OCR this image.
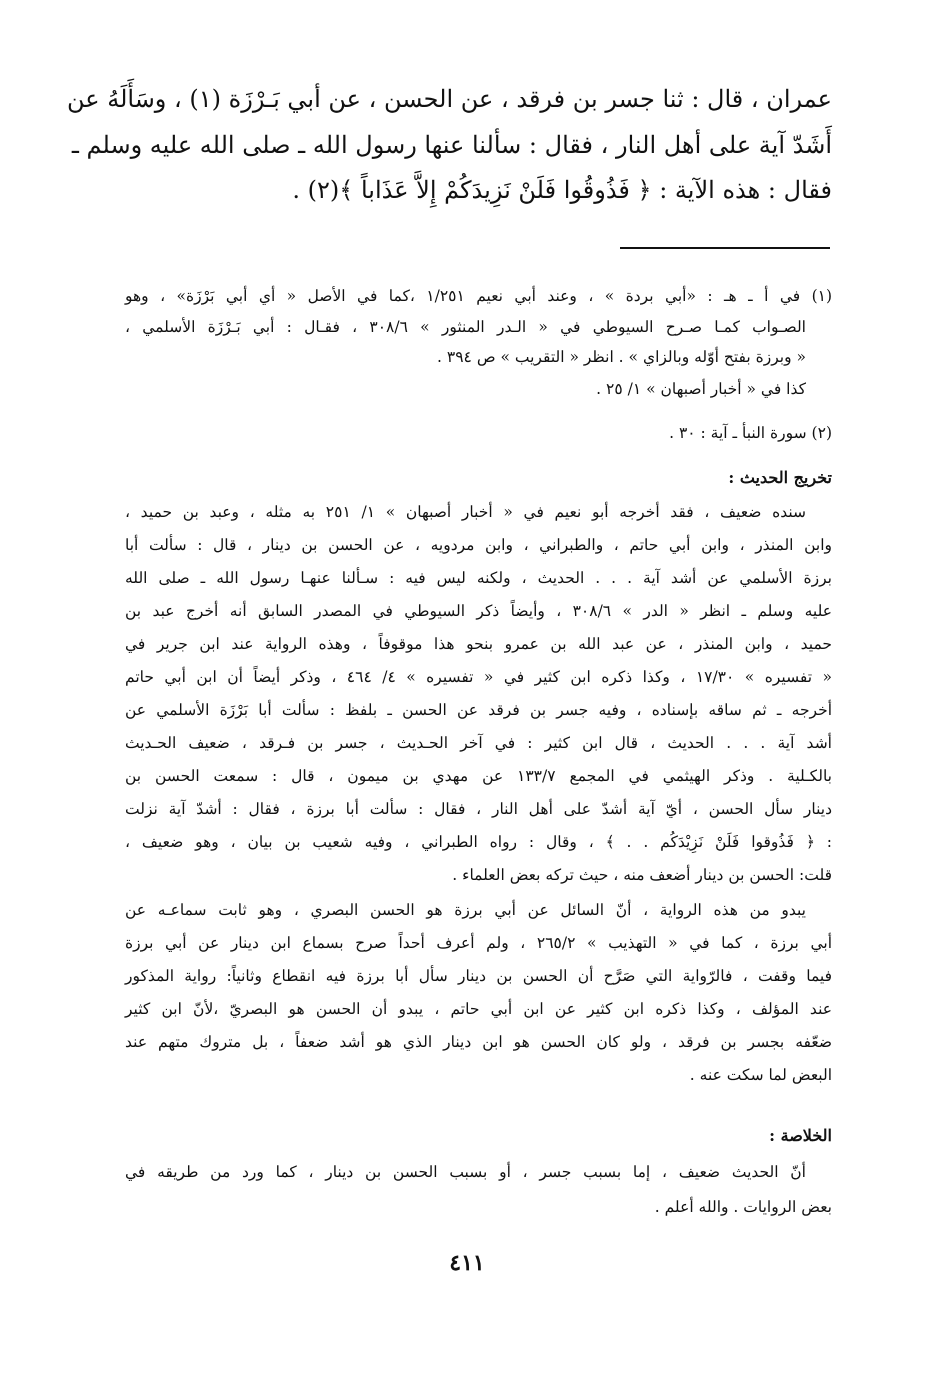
عمران ، قال : ثنا جسر بن فرقد ، عن الحسن ، عن أبي بَـرْزَة (١) ، وسَأَلَهُ عن
أَشَدّ آية على أهل النار ، فقال : سألنا عنها رسول الله ـ صلى الله عليه وسلم ـ
فقال : هذه الآية : ﴿ فَذُوقُوا فَلَنْ نَزِيدَكُمْ إِلاَّ عَذَاباً ﴾(٢) .
(١) في أ ـ هـ : «أبي بردة » ، وعند أبي نعيم ١/٢٥١ ،كما في الأصل « أي أبي بَرْزَة» ، وهو
الصـواب كمـا صـرح السيوطي في « الـدر المنثور » ٣٠٨/٦ ، فقـال : أبي بَـرْزَة الأسلمي ،
« وبرزة بفتح أوّله وبالزاي » . انظر « التقريب » ص ٣٩٤ .
كذا في « أخبار أصبهان » ١/ ٢٥ .
(٢) سورة النبأ ـ آية : ٣٠ .
تخريج الحديث :
سنده ضعيف ، فقد أخرجه أبو نعيم في « أخبار أصبهان » ١/ ٢٥١ به مثله ، وعبد بن حميد ،
وابن المنذر ، وابن أبي حاتم ، والطبراني ، وابن مردويه ، عن الحسن بن دينار ، قال : سألت أبا
برزة الأسلمي عن أشد آية . . . الحديث ، ولكنه ليس فيه : سـألنا عنهـا رسول الله ـ صلى الله
عليه وسلم ـ انظر « الدر » ٣٠٨/٦ ، وأيضاً ذكر السيوطي في المصدر السابق أنه أخرج عبد بن
حميد ، وابن المنذر ، عن عبد الله بن عمرو بنحو هذا موقوفاً ، وهذه الرواية عند ابن جرير في
« تفسيره » ١٧/٣٠ ، وكذا ذكره ابن كثير في « تفسيره » ٤/ ٤٦٤ ، وذكر أيضاً أن ابن أبي حاتم
أخرجه ـ ثم ساقه بإسناده ، وفيه جسر بن فرقد عن الحسن ـ بلفظ : سألت أبا بَرْزَة الأسلمي عن
أشد آية . . . الحديث ، قال ابن كثير : في آخر الحـديث ، جسر بن فـرقد ، ضعيف الحـديث
بالكـلية . وذكر الهيثمي في المجمع ١٣٣/٧ عن مهدي بن ميمون ، قال : سمعت الحسن بن
دينار سأل الحسن ، أيّ آية أشدّ على أهل النار ، فقال : سألت أبا برزة ، فقال : أشدّ آية نزلت
: ﴿ فَذُوقوا فَلَنْ نَزِيْدَكُم . . ﴾ ، وقال : رواه الطبراني ، وفيه شعيب بن بيان ، وهو ضعيف ،
قلت: الحسن بن دينار أضعف منه ، حيث تركه بعض العلماء .
يبدو من هذه الرواية ، أنّ السائل عن أبي برزة هو الحسن البصري ، وهو ثابت سماعـه عن
أبي برزة ، كما في « التهذيب » ٢٦٥/٢ ، ولم أعرف أحداً صرح بسماع ابن دينار عن أبي برزة
فيما وقفت ، فالرّواية التي صَرَّح أن الحسن بن دينار سأل أبا برزة فيه انقطاع وثانياً: رواية المذكور
عند المؤلف ، وكذا ذكره ابن كثير عن ابن أبي حاتم ، يبدو أن الحسن هو البصريّ ،لأنّ ابن كثير
ضعّفه بجسر بن فرقد ، ولو كان الحسن هو ابن دينار الذي هو أشد ضعفاً ، بل متروك متهم عند
البعض لما سكت عنه .
الخلاصة :
أنّ الحديث ضعيف ، إما بسبب جسر ، أو بسبب الحسن بن دينار ، كما ورد من طريقه في
بعض الروايات . والله أعلم .
٤١١
